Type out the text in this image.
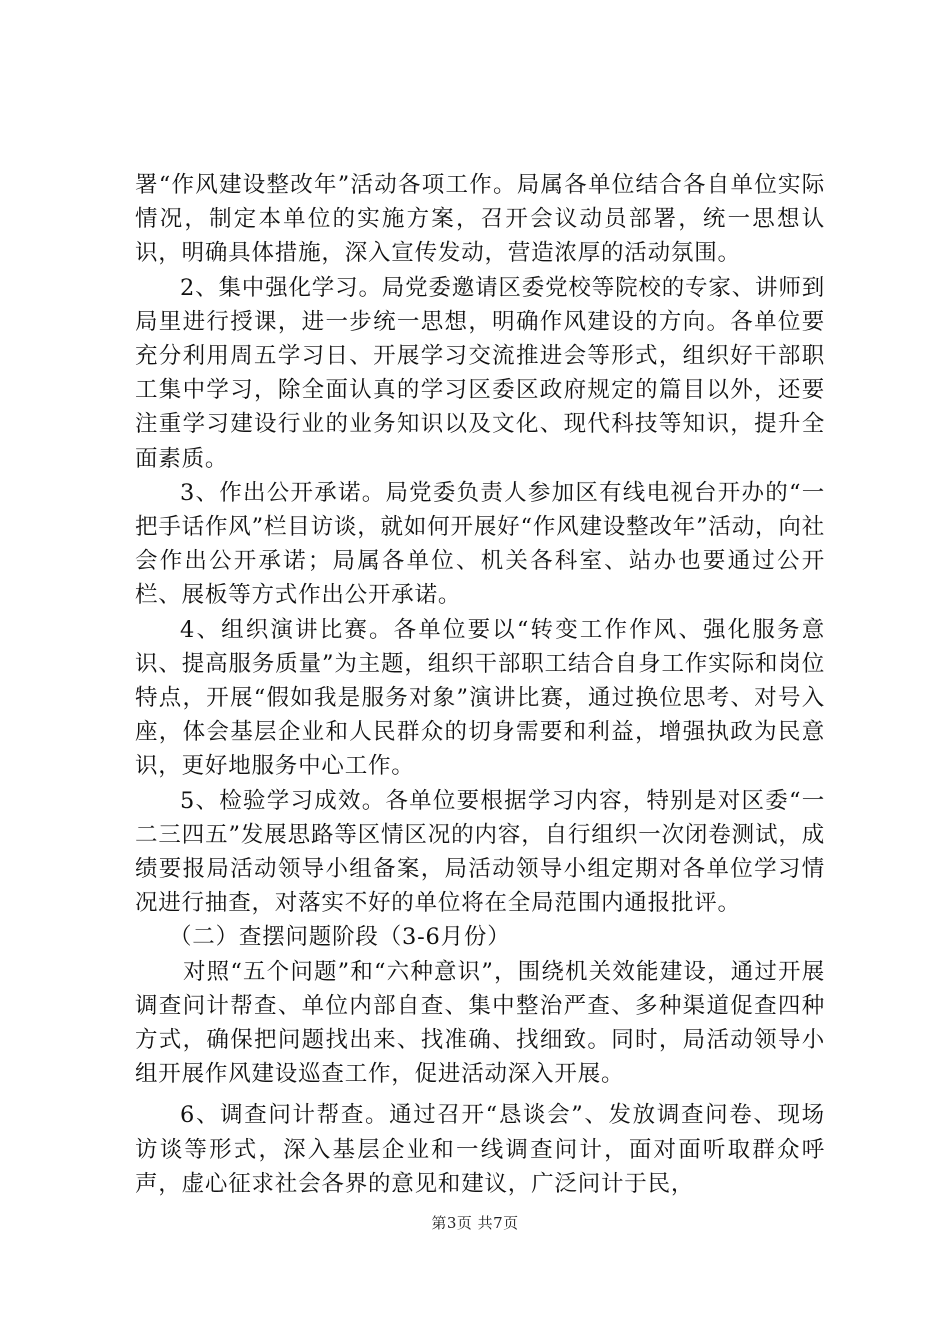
署“作风建设整改年”活动各项工作。局属各单位结合各自单位实际情况，制定本单位的实施方案，召开会议动员部署，统一思想认识，明确具体措施，深入宣传发动，营造浓厚的活动氛围。

2、集中强化学习。局党委邀请区委党校等院校的专家、讲师到局里进行授课，进一步统一思想，明确作风建设的方向。各单位要充分利用周五学习日、开展学习交流推进会等形式，组织好干部职工集中学习，除全面认真的学习区委区政府规定的篇目以外，还要注重学习建设行业的业务知识以及文化、现代科技等知识，提升全面素质。

3、作出公开承诺。局党委负责人参加区有线电视台开办的“一把手话作风”栏目访谈，就如何开展好“作风建设整改年”活动，向社会作出公开承诺；局属各单位、机关各科室、站办也要通过公开栏、展板等方式作出公开承诺。

4、组织演讲比赛。各单位要以“转变工作作风、强化服务意识、提高服务质量”为主题，组织干部职工结合自身工作实际和岗位特点，开展“假如我是服务对象”演讲比赛，通过换位思考、对号入座，体会基层企业和人民群众的切身需要和利益，增强执政为民意识，更好地服务中心工作。

5、检验学习成效。各单位要根据学习内容，特别是对区委“一二三四五”发展思路等区情区况的内容，自行组织一次闭卷测试，成绩要报局活动领导小组备案，局活动领导小组定期对各单位学习情况进行抽查，对落实不好的单位将在全局范围内通报批评。

（二）查摆问题阶段（3-6月份）

对照“五个问题”和“六种意识”，围绕机关效能建设，通过开展调查问计帮查、单位内部自查、集中整治严查、多种渠道促查四种方式，确保把问题找出来、找准确、找细致。同时，局活动领导小组开展作风建设巡查工作，促进活动深入开展。

6、调查问计帮查。通过召开“恳谈会”、发放调查问卷、现场访谈等形式，深入基层企业和一线调查问计，面对面听取群众呼声，虚心征求社会各界的意见和建议，广泛问计于民，

第3页 共7页
